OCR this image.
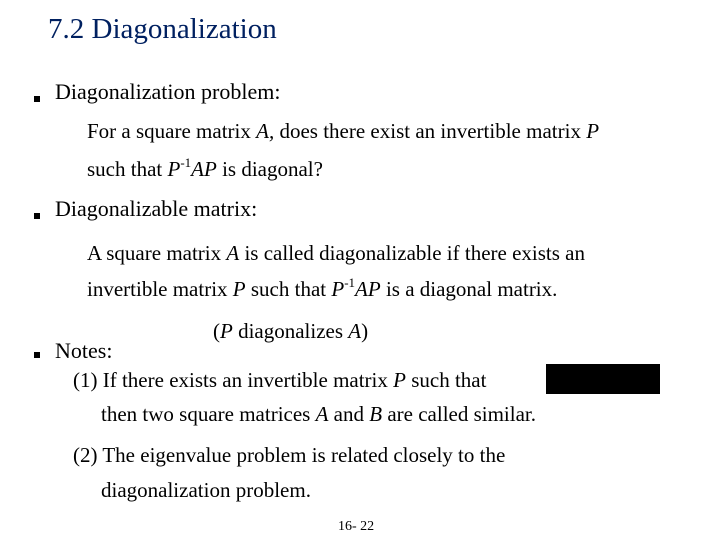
7.2 Diagonalization
Diagonalization problem:
For a square matrix A, does there exist an invertible matrix P
such that $P^{-1}AP$ is diagonal?
Diagonalizable matrix:
A square matrix A is called diagonalizable if there exists an
invertible matrix P such that $P^{-1}AP$ is a diagonal matrix.
(P diagonalizes A)
Notes:
(1) If there exists an invertible matrix P such that
then two square matrices A and B are called similar.
(2) The eigenvalue problem is related closely to the
diagonalization problem.
16- 22
